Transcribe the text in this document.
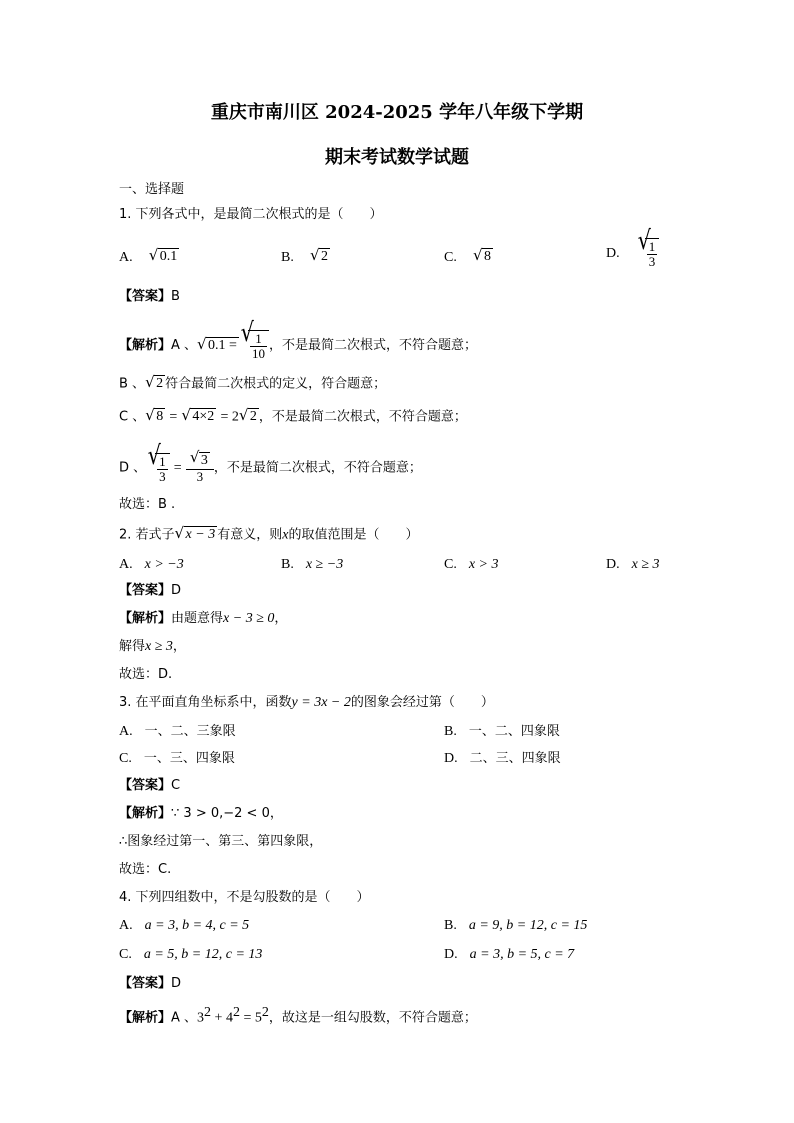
重庆市南川区 2024-2025 学年八年级下学期
期末考试数学试题
一、选择题
1. 下列各式中，是最简二次根式的是（　　）
A. √ 0.1	B. √ 2	C. √ 8	D. √
$\frac{1}{3}$
【答案】B
【解析】A 、 √ 0.1 = √
$\frac{1}{10}$ ，不是最简二次根式，不符合题意；
B 、 √ 2 符合最简二次根式的定义，符合题意；
C 、 √ 8 = √ 4×2 = 2 √ 2 ，不是最简二次根式，不符合题意；
D 、 √
$\frac{1}{3} = \frac{√ 3}{3}$ ，不是最简二次根式，不符合题意；
故选：B .
2. 若式子 √ x − 3 有意义，则x的取值范围是（　　）
A. x > −3	B. x ≥ −3	C. x > 3	D. x ≥ 3
【答案】D
【解析】由题意得x − 3 ≥ 0，
解得x ≥ 3，
故选：D.
3. 在平面直角坐标系中，函数y = 3x − 2的图象会经过第（　　）
A. 一、二、三象限	B. 一、二、四象限
C. 一、三、四象限	D. 二、三、四象限
【答案】C
【解析】∵ 3 > 0,−2 < 0，
∴图象经过第一、第三、第四象限，
故选：C.
4. 下列四组数中，不是勾股数的是（　　）
A. a = 3, b = 4, c = 5	B. a = 9, b = 12, c = 15
C. a = 5, b = 12, c = 13	D. a = 3, b = 5, c = 7
【答案】D
【解析】A 、$3^2 + 4^2 = 5^2$，故这是一组勾股数，不符合题意；
